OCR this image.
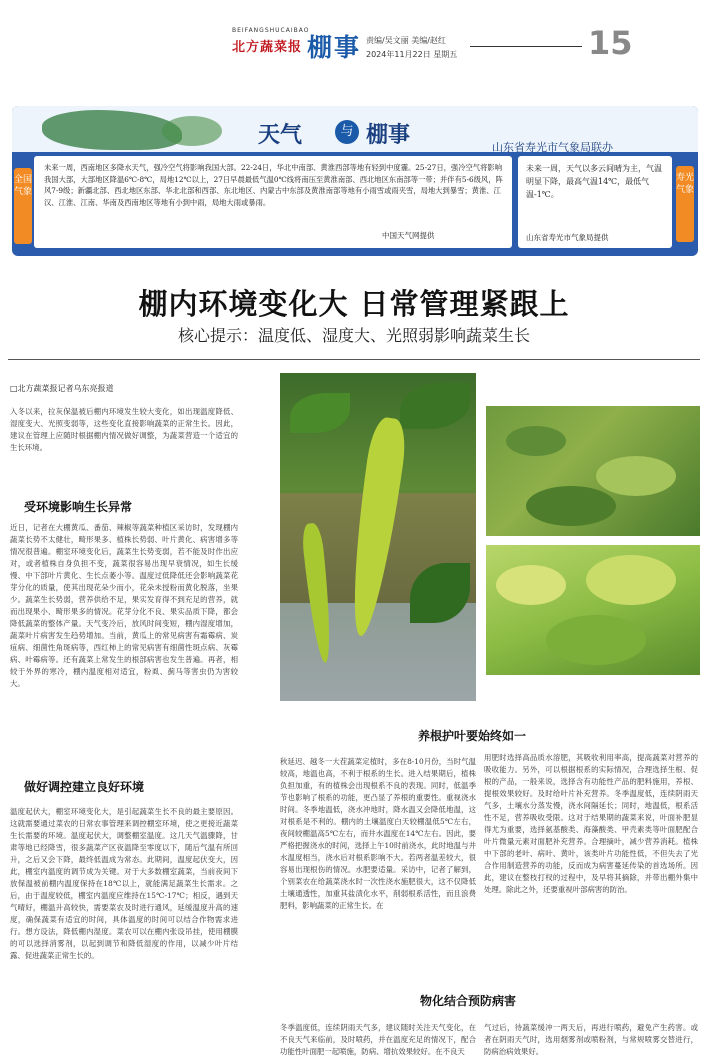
BEIFANGSHUCAIBAO
北方蔬菜报 棚事 责编/吴文丽 美编/赵红
2024年11月22日 星期五	15
天气	与 棚事	山东省寿光市气象局联办
全国气象
未来一周，西南地区多降水天气，强冷空气将影响我国大部。22-24日，华北中南部、黄淮西部等地有轻到中度霾。25-27日，强冷空气将影响我国大部，大部地区降温6℃-8℃，局地12℃以上，27日早晨最低气温0℃线将南压至黄淮南部、西北地区东南部等一带；并伴有5-6级风，阵风7-9级；新疆北部、西北地区东部、华北北部和西部、东北地区、内蒙古中东部及黄淮南部等地有小雨雪或雨夹雪，局地大到暴雪；黄淮、江汉、江淮、江南、华南及西南地区等地有小到中雨，局地大雨或暴雨。
中国天气网提供
未来一周，天气以多云间晴为主，气温明显下降，最高气温14℃，最低气温-1℃。
山东省寿光市气象局提供
寿光气象
棚内环境变化大 日常管理紧跟上
核心提示：温度低、湿度大、光照弱影响蔬菜生长
□北方蔬菜报记者乌东亮报道
入冬以来，拉灰保温被后棚内环境发生较大变化，如出现温度降低、湿度变大、光照变弱等，这些变化直接影响蔬菜的正常生长。因此，建议在管理上应随时根据棚内情况做好调整，为蔬菜营造一个适宜的生长环境。
受环境影响生长异常
近日，记者在大棚黄瓜、番茄、辣椒等蔬菜种植区采访时，发现棚内蔬菜长势不太健壮，畸形果多、植株长势弱、叶片黄化、病害增多等情况很普遍。棚室环境变化后，蔬菜生长势变弱，若不能及时作出应对，或者植株自身负担不变，蔬菜很容易出现早衰情况，如生长缓慢、中下部叶片黄化、生长点萎小等。温度过低降低还会影响蔬菜花芽分化的质量，使其出现花朵少而小，花朵未授粉而黄化脱落，坐果少。蔬菜生长势弱，营养供给不足，果实发育得不到充足的营养，就而出现果小、畸形果多的情况。花芽分化不良、果实品质下降，都会降低蔬菜的整体产量。天气变冷后，放风时间变短，棚内湿度增加，蔬菜叶片病害发生趋势增加。当前，黄瓜上的常见病害有霜霉病、炭疽病、细菌性角斑病等，西红柿上的常见病害有细菌性斑点病、灰霉病、叶霉病等。还有蔬菜上常发生的根部病害也发生普遍。再者，相较于外界的寒冷，棚内温度相对适宜，粉虱、蓟马等害虫仍为害较大。
做好调控建立良好环境
温度起伏大，棚室环境变化大，是引起蔬菜生长不良的最主要原因。这就需要通过菜农的日常农事管理来调控棚室环境，使之更接近蔬菜生长需要的环境。温度起伏大，调整棚室温度。这几天气温骤降，甘肃等地已经降雪，很多蔬菜产区夜温降至零度以下，随后气温有所回升，之后又会下降，最终低温成为常态。此期间，温度起伏变大，因此，棚室内温度的调节成为关键。对于大多数棚室蔬菜，当前夜间下放保温被前棚内温度保持在18℃以上，就能满足蔬菜生长需求。之后，由于温度较低，棚室内温度应维持在15℃-17℃；相反，遇到天气晴好，棚温升高较快，需要菜农及时进行通风，延缓温度升高的速度，确保蔬菜有适宜的时间，具体温度的时间可以结合作物需求进行。想方设法，降低棚内湿度。菜农可以在棚内张设吊挂，使用棚膜的可以选择消雾剂，以起到调节和降低湿度的作用，以减少叶片结露、促进蔬菜正常生长的。
养根护叶要始终如一
秋延迟、越冬一大茬蔬菜定植时，多在8-10月份，当时气温较高，地温也高，不利于根系的生长。进入结果期后，植株负担加重，有的植株会出现根系不良的表现。同时，低温季节也影响了根系的功能，更凸显了养根的重要性。重视浇水时间。冬季地温低，浇水冲地时，降水温又会降低地温，这对根系是不利的。棚内的土壤温度白天较棚温低5℃左右，夜间较棚温高5℃左右，而井水温度在14℃左右。因此，要严格把握浇水的时间，选择上午10时前浇水，此时地温与井水温度相当，浇水后对根系影响不大。若两者温差较大，很容易出现根伤的情况。水肥要适量。采访中，记者了解到，个别菜农在给蔬菜浇水时一次性浇水施肥很大，这不仅降低土壤通透性，加重其盐渍化水平，削弱根系活性，而且浪费肥料，影响蔬菜的正常生长。在
用肥时选择高品质水溶肥，其吸收利用率高，提高蔬菜对营养的吸收能力。另外，可以根据根系的实际情况，合理选择生根、促根的产品，一般来说，选择含有功能性产品的肥料施用，养根、提根效果较好。及时给叶片补充营养。冬季温度低，连续阴雨天气多，土壤水分蒸发慢，浇水间隔延长；同时，地温低，根系活性不足，营养吸收受限。这对于结果期的蔬菜来说，叶面补肥显得尤为重要，选择氨基酸类、海藻酸类、甲壳素类等叶面肥配合叶片微量元素对面肥补充营养。合理摘叶，减少营养消耗。植株中下部的老叶、病叶、黄叶，该类叶片功能性低，不但失去了光合作用制造营养的功能，反而成为病害蔓延传染的首选场所。因此，建议在整枝打杈的过程中，及早将其摘除，并带出棚外集中处理。除此之外，还要重视叶部病害的防治。
物化结合预防病害
冬季温度低，连续阴雨天气多，建议随时关注天气变化，在不良天气来临前，及时喷药，并在温度充足的情况下，配合功能性叶面肥一起喷施，防病、增抗效果较好。在不良天
气过后，待蔬菜缓冲一两天后，再进行喷药，避免产生药害。或者在阴雨天气时，选用烟雾剂或喷粉剂，与常规喷雾交替进行，防病治病效果好。
